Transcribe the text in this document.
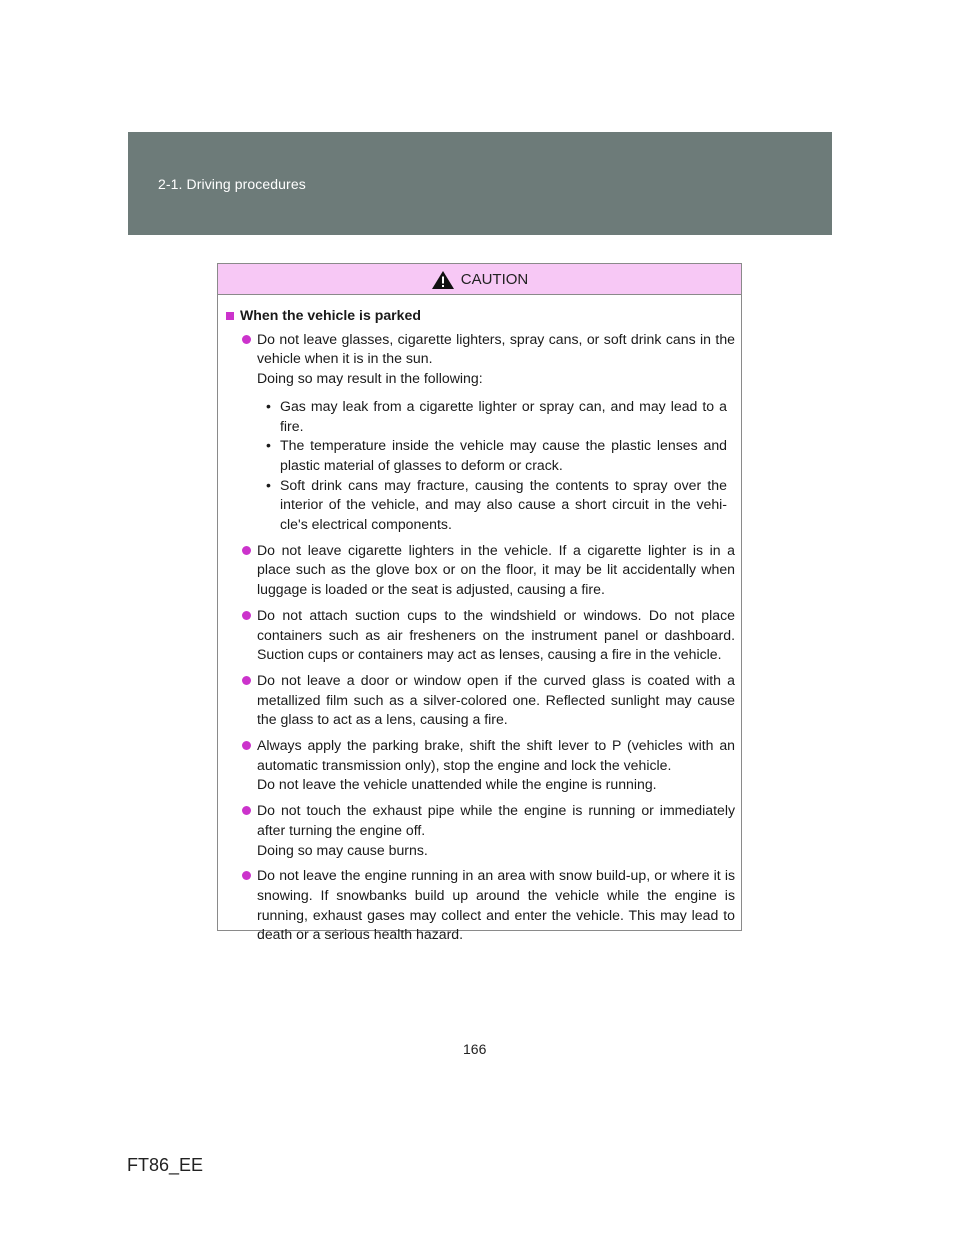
2-1. Driving procedures
CAUTION
When the vehicle is parked
Do not leave glasses, cigarette lighters, spray cans, or soft drink cans in the vehicle when it is in the sun.
Doing so may result in the following:
• Gas may leak from a cigarette lighter or spray can, and may lead to a fire.
• The temperature inside the vehicle may cause the plastic lenses and plastic material of glasses to deform or crack.
• Soft drink cans may fracture, causing the contents to spray over the interior of the vehicle, and may also cause a short circuit in the vehi-cle's electrical components.
Do not leave cigarette lighters in the vehicle. If a cigarette lighter is in a place such as the glove box or on the floor, it may be lit accidentally when luggage is loaded or the seat is adjusted, causing a fire.
Do not attach suction cups to the windshield or windows. Do not place containers such as air fresheners on the instrument panel or dashboard. Suction cups or containers may act as lenses, causing a fire in the vehicle.
Do not leave a door or window open if the curved glass is coated with a metallized film such as a silver-colored one. Reflected sunlight may cause the glass to act as a lens, causing a fire.
Always apply the parking brake, shift the shift lever to P (vehicles with an automatic transmission only), stop the engine and lock the vehicle.
Do not leave the vehicle unattended while the engine is running.
Do not touch the exhaust pipe while the engine is running or immediately after turning the engine off.
Doing so may cause burns.
Do not leave the engine running in an area with snow build-up, or where it is snowing. If snowbanks build up around the vehicle while the engine is running, exhaust gases may collect and enter the vehicle. This may lead to death or a serious health hazard.
166
FT86_EE
